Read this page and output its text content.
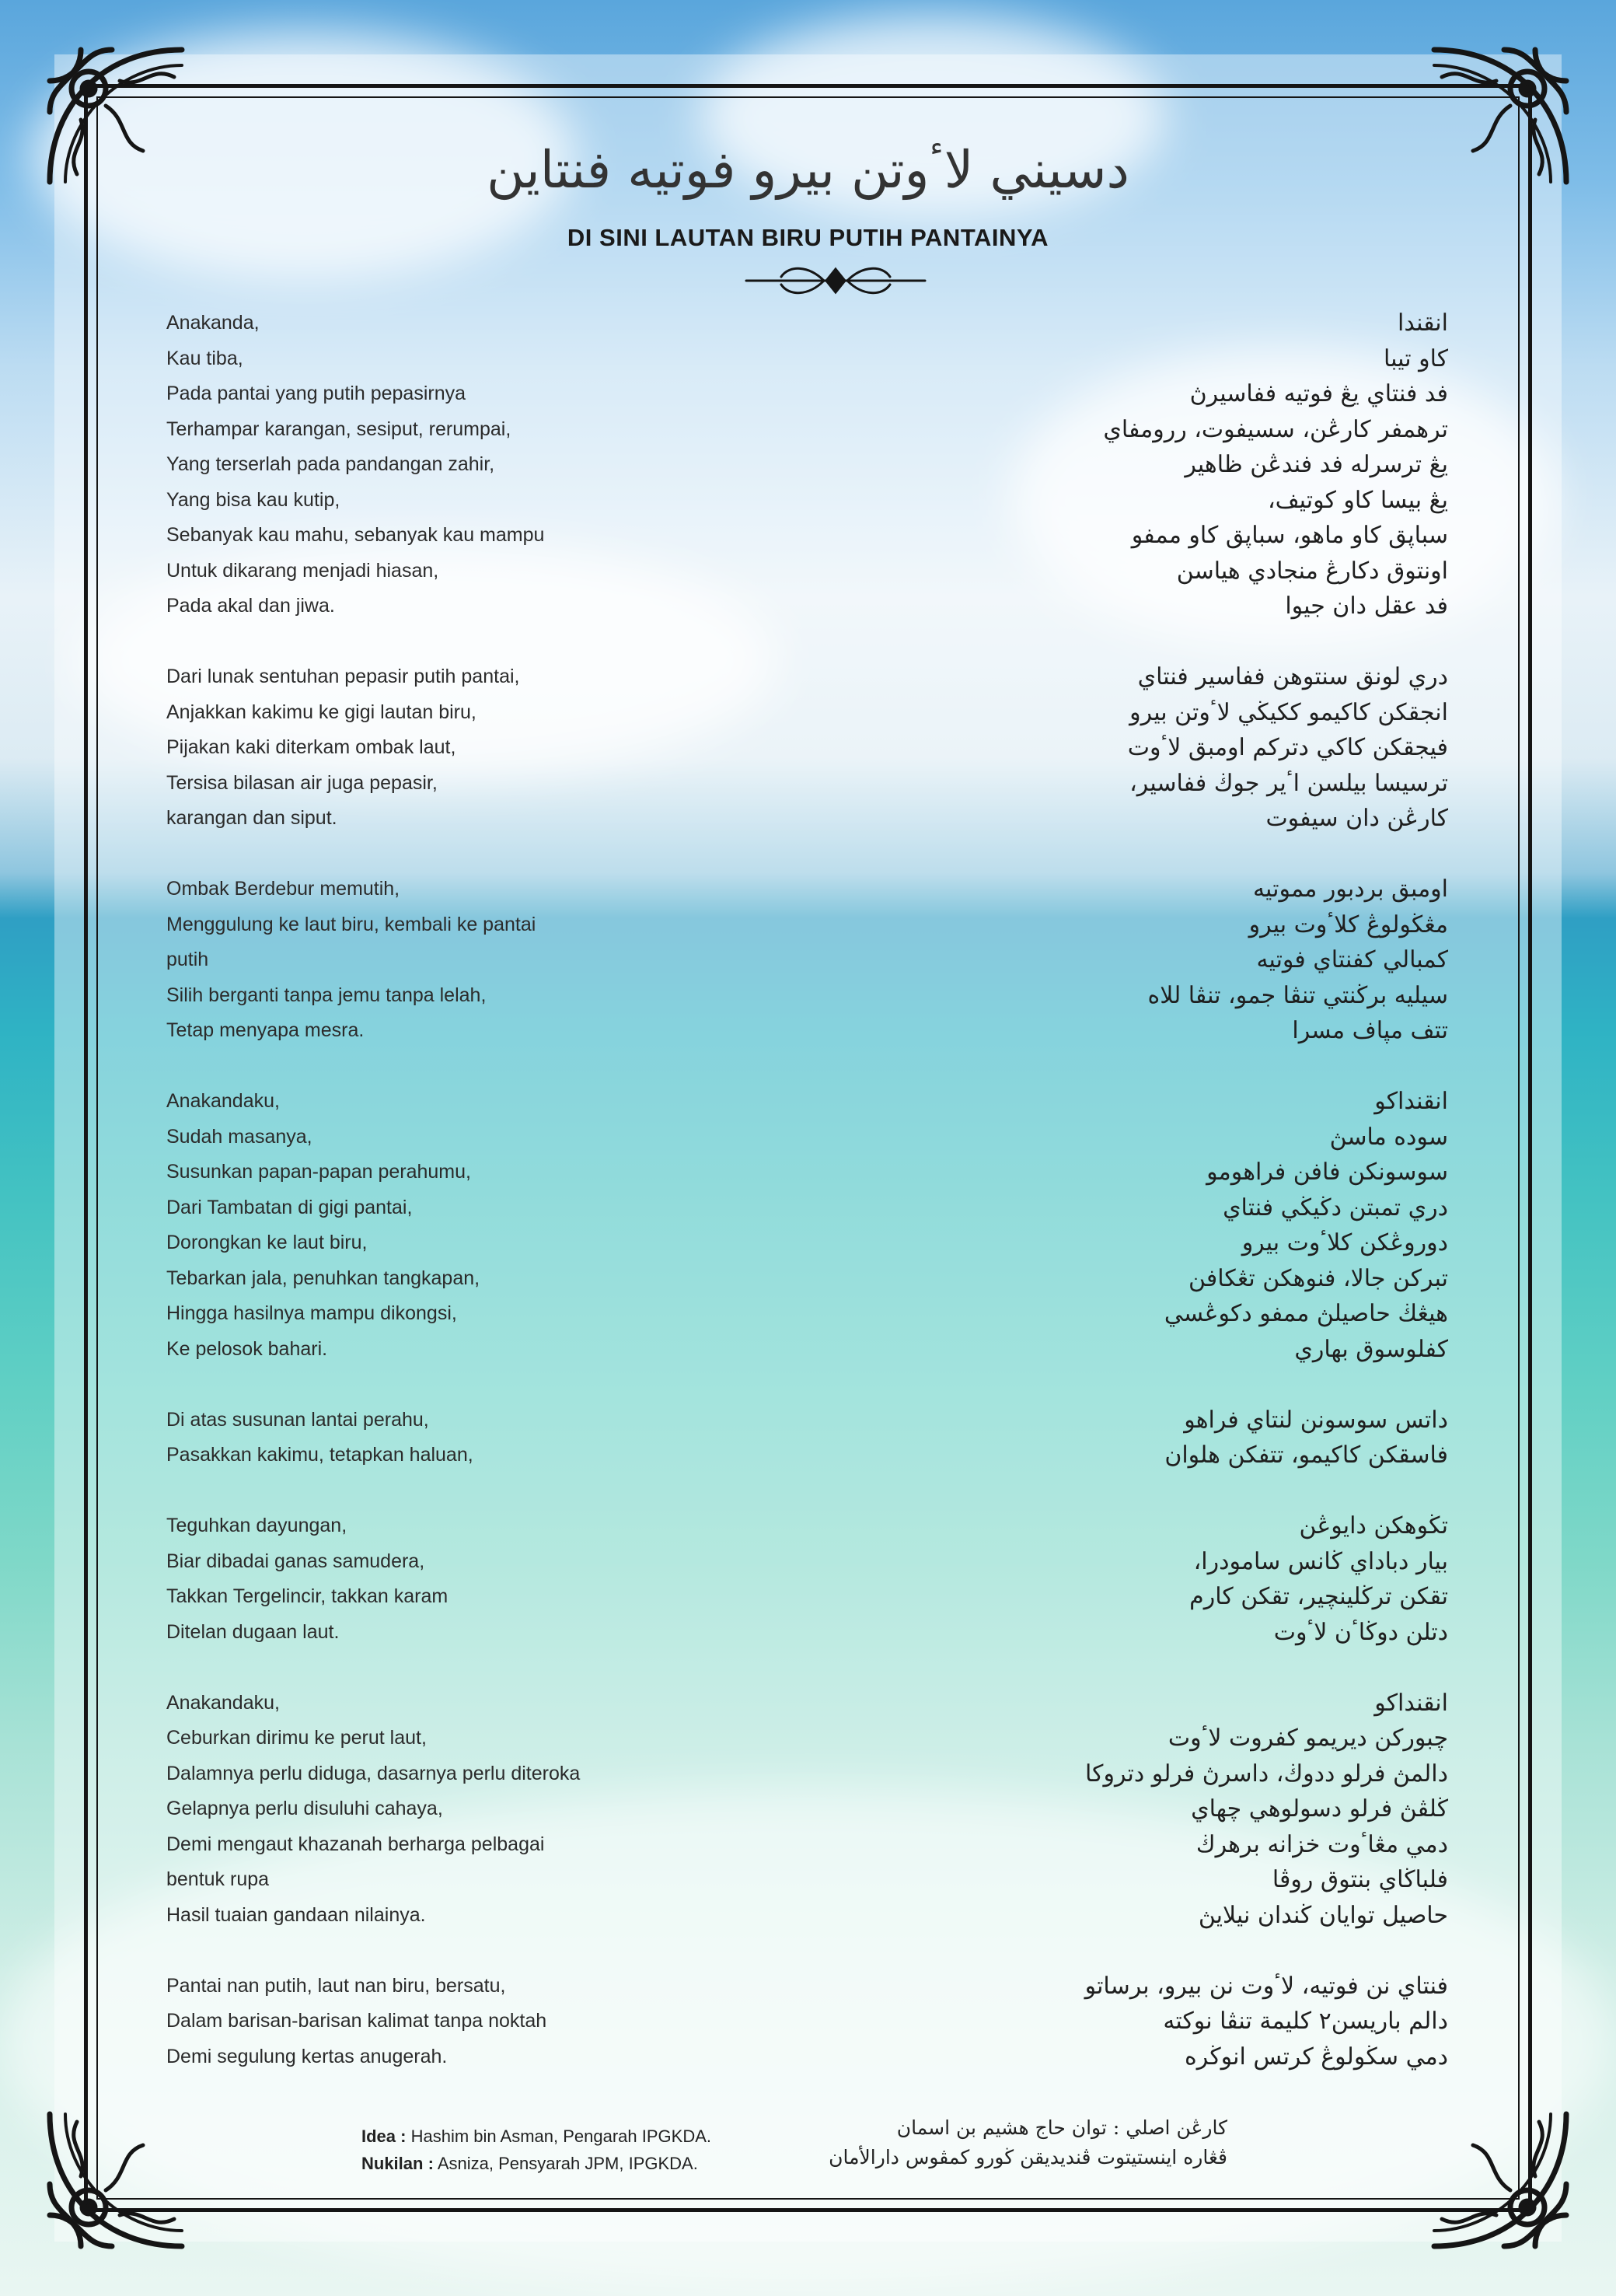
دسيني لاٴوتن بيرو فوتيه فنتاين
DI SINI LAUTAN BIRU PUTIH PANTAINYA
Anakanda,
Kau tiba,
Pada pantai yang putih pepasirnya
Terhampar karangan, sesiput, rerumpai,
Yang terserlah pada pandangan zahir,
Yang bisa kau kutip,
Sebanyak kau mahu, sebanyak kau mampu
Untuk dikarang menjadi hiasan,
Pada akal dan jiwa.
Dari lunak sentuhan pepasir putih pantai,
Anjakkan kakimu ke gigi lautan biru,
Pijakan kaki diterkam ombak laut,
Tersisa bilasan air juga pepasir,
karangan dan siput.
Ombak Berdebur memutih,
Menggulung ke laut biru, kembali ke pantai
putih
Silih berganti tanpa jemu tanpa lelah,
Tetap menyapa mesra.
Anakandaku,
Sudah masanya,
Susunkan papan-papan perahumu,
Dari Tambatan di gigi pantai,
Dorongkan ke laut biru,
Tebarkan jala, penuhkan tangkapan,
Hingga hasilnya mampu dikongsi,
Ke pelosok bahari.
Di atas susunan lantai perahu,
Pasakkan kakimu, tetapkan haluan,
Teguhkan dayungan,
Biar dibadai ganas samudera,
Takkan Tergelincir, takkan karam
Ditelan dugaan laut.
Anakandaku,
Ceburkan dirimu ke perut laut,
Dalamnya perlu diduga, dasarnya perlu diteroka
Gelapnya perlu disuluhi cahaya,
Demi mengaut khazanah berharga pelbagai
bentuk rupa
Hasil tuaian gandaan nilainya.
Pantai nan putih, laut nan biru, bersatu,
Dalam barisan-barisan kalimat tanpa noktah
Demi segulung kertas anugerah.
انقندا
كاو تيبا
فد فنتاي يڠ فوتيه ففاسيرڽ
ترهمفر كارڠن، سسيفوت، ررومفاي
يڠ ترسرله فد فندڠن ظاهير
يڠ بيسا كاو كوتيف،
سباڽق كاو ماهو، سباڽق كاو ممفو
اونتوق دكارڠ منجادي هياسن
فد عقل دان جيوا
دري لونق سنتوهن ففاسير فنتاي
انجقكن كاكيمو ككيڬي لاٴوتن بيرو
فيجقكن كاكي دتركم اومبق لاٴوت
ترسيسا بيلسن اٴير جوڬ ففاسير،
كارڠن دان سيفوت
اومبق بردبور مموتيه
مڠڬولوڠ كلاٴوت بيرو
كمبالي كفنتاي فوتيه
سيليه برڬنتي تنڤا جمو، تنڤا للاه
تتف مڽاف مسرا
انقنداكو
سوده ماسڽ
سوسونكن فافن فراهومو
دري تمبتن دڬيڬي فنتاي
دوروڠكن كلاٴوت بيرو
تبركن جالا، فنوهكن تڠكافن
هيڠڬ حاصيلڽ ممفو دكوڠسي
كفلوسوق بهاري
داتس سوسونن لنتاي فراهو
فاسقكن كاكيمو، تتفكن هلوان
تڬوهكن دايوڠن
بيار دباداي ڬانس سامودرا،
تقكن ترڬلينچير، تقكن كارم
دتلن دوڬاٴن لاٴوت
انقنداكو
چبوركن ديريمو كفروت لاٴوت
دالمڽ فرلو ددوڬ، داسرڽ فرلو دتروكا
ڬلڤڽ فرلو دسولوهي چهاي
دمي مڠاٴوت خزانه برهرڬ
فلباڬاي بنتوق روڤا
حاصيل توايان ڬندان نيلايڽ
فنتاي نن فوتيه، لاٴوت نن بيرو، برساتو
دالم باريسن٢ كليمة تنڤا نوكته
دمي سڬولوڠ كرتس انوڬره
Idea : Hashim bin Asman, Pengarah IPGKDA.
Nukilan : Asniza, Pensyarah JPM, IPGKDA.
كارڠن اصلي : توان حاج هشيم بن اسمان
ڤڠاره اينستيتوت ڤنديديقن ڬورو كمڤوس دارالأمان
